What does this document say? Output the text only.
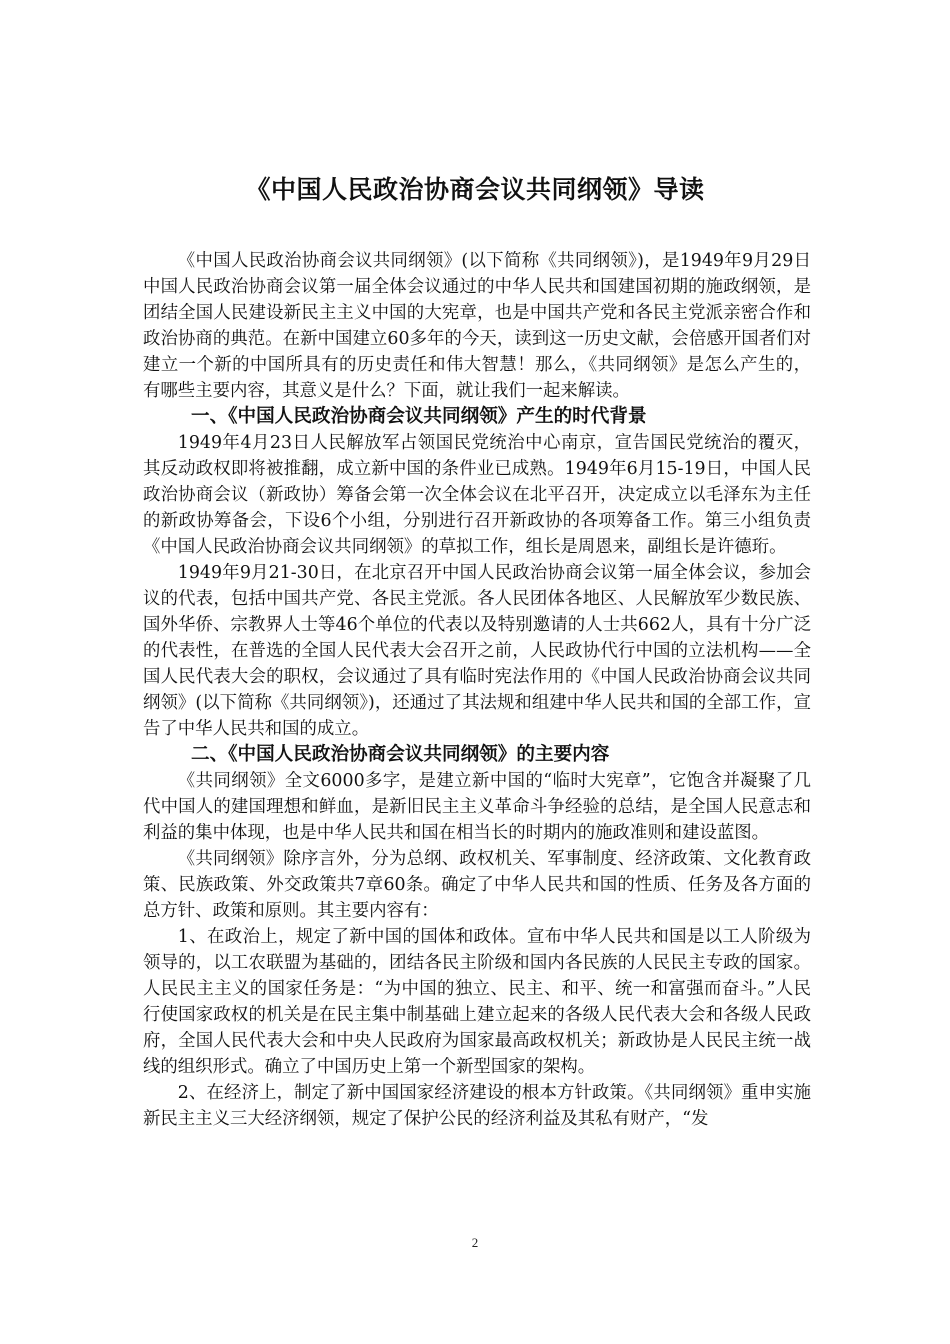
《中国人民政治协商会议共同纲领》导读

《中国人民政治协商会议共同纲领》(以下简称《共同纲领》)，是1949年9月29日中国人民政治协商会议第一届全体会议通过的中华人民共和国建国初期的施政纲领，是团结全国人民建设新民主主义中国的大宪章，也是中国共产党和各民主党派亲密合作和政治协商的典范。在新中国建立60多年的今天，读到这一历史文献，会倍感开国者们对建立一个新的中国所具有的历史责任和伟大智慧！那么，《共同纲领》是怎么产生的，有哪些主要内容，其意义是什么？下面，就让我们一起来解读。

一、《中国人民政治协商会议共同纲领》产生的时代背景

1949年4月23日人民解放军占领国民党统治中心南京，宣告国民党统治的覆灭，其反动政权即将被推翻，成立新中国的条件业已成熟。1949年6月15-19日，中国人民政治协商会议（新政协）筹备会第一次全体会议在北平召开，决定成立以毛泽东为主任的新政协筹备会，下设6个小组，分别进行召开新政协的各项筹备工作。第三小组负责《中国人民政治协商会议共同纲领》的草拟工作，组长是周恩来，副组长是许德珩。

1949年9月21-30日，在北京召开中国人民政治协商会议第一届全体会议，参加会议的代表，包括中国共产党、各民主党派。各人民团体各地区、人民解放军少数民族、国外华侨、宗教界人士等46个单位的代表以及特别邀请的人士共662人，具有十分广泛的代表性，在普选的全国人民代表大会召开之前，人民政协代行中国的立法机构——全国人民代表大会的职权，会议通过了具有临时宪法作用的《中国人民政治协商会议共同纲领》(以下简称《共同纲领》)，还通过了其法规和组建中华人民共和国的全部工作，宣告了中华人民共和国的成立。

二、《中国人民政治协商会议共同纲领》的主要内容

《共同纲领》全文6000多字，是建立新中国的“临时大宪章”，它饱含并凝聚了几代中国人的建国理想和鲜血，是新旧民主主义革命斗争经验的总结，是全国人民意志和利益的集中体现，也是中华人民共和国在相当长的时期内的施政准则和建设蓝图。

《共同纲领》除序言外，分为总纲、政权机关、军事制度、经济政策、文化教育政策、民族政策、外交政策共7章60条。确定了中华人民共和国的性质、任务及各方面的总方针、政策和原则。其主要内容有：

1、在政治上，规定了新中国的国体和政体。宣布中华人民共和国是以工人阶级为领导的，以工农联盟为基础的，团结各民主阶级和国内各民族的人民民主专政的国家。人民民主主义的国家任务是：“为中国的独立、民主、和平、统一和富强而奋斗。”人民行使国家政权的机关是在民主集中制基础上建立起来的各级人民代表大会和各级人民政府，全国人民代表大会和中央人民政府为国家最高政权机关；新政协是人民民主统一战线的组织形式。确立了中国历史上第一个新型国家的架构。

2、在经济上，制定了新中国国家经济建设的根本方针政策。《共同纲领》重申实施新民主主义三大经济纲领，规定了保护公民的经济利益及其私有财产，“发

2
